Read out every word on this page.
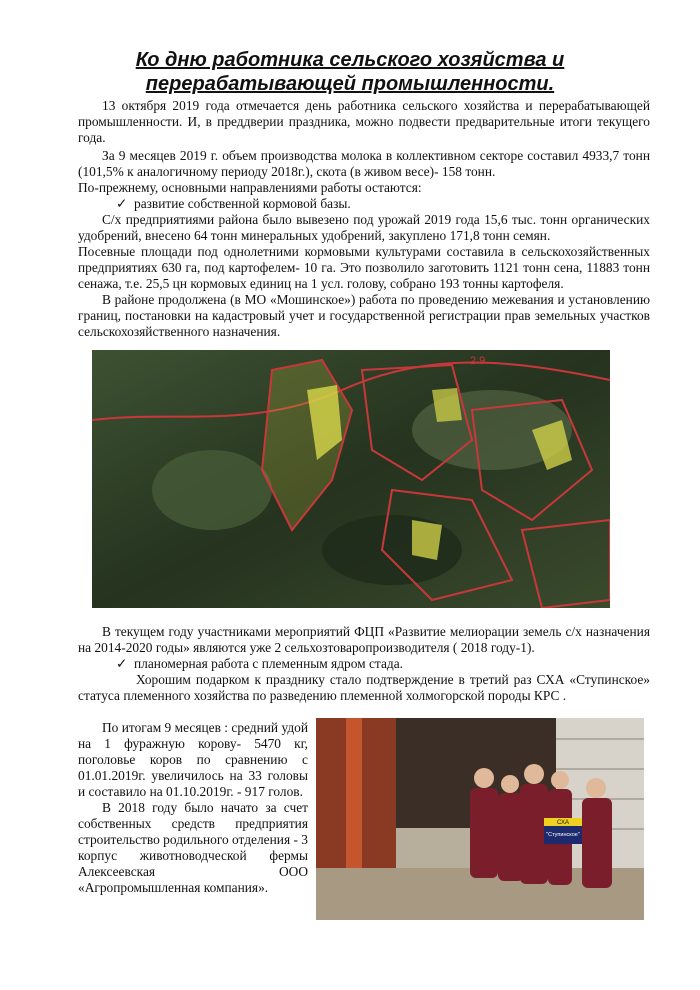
Ко дню работника сельского хозяйства и
перерабатывающей промышленности.
13 октября 2019 года отмечается день работника сельского хозяйства и перерабатывающей промышленности. И, в преддверии праздника, можно подвести предварительные итоги текущего года.
За 9 месяцев 2019 г. объем производства молока в коллективном секторе составил 4933,7 тонн (101,5% к аналогичному периоду 2018г.), скота (в живом весе)- 158 тонн.
По-прежнему, основными направлениями работы остаются:
✓ развитие собственной кормовой базы.
С/х предприятиями района было вывезено под урожай 2019 года 15,6 тыс. тонн органических удобрений, внесено 64 тонн минеральных удобрений, закуплено 171,8 тонн семян.
Посевные площади под однолетними кормовыми культурами составила в сельскохозяйственных предприятиях 630 га, под картофелем- 10 га. Это позволило заготовить 1121 тонн сена, 11883 тонн сенажа, т.е. 25,5 цн кормовых единиц на 1 усл. голову, собрано 193 тонны картофеля.
В районе продолжена (в МО «Мошинское») работа по проведению межевания и установлению границ, постановки на кадастровый учет и государственной регистрации прав земельных участков сельскохозяйственного назначения.
2.9
В текущем году участниками мероприятий ФЦП «Развитие мелиорации земель с/х назначения на 2014-2020 годы» являются уже 2 сельхозтоваропроизводителя ( 2018 году-1).
✓ планомерная работа с племенным ядром стада.
Хорошим подарком к празднику стало подтверждение в третий раз СХА «Ступинское» статуса племенного хозяйства по разведению племенной холмогорской породы КРС .
По итогам 9 месяцев : средний удой на 1 фуражную корову- 5470 кг, поголовье коров по сравнению с 01.01.2019г. увеличилось на 33 головы и составило на 01.10.2019г. - 917 голов.
В 2018 году было начато за счет собственных средств предприятия строительство родильного отделения - 3 корпус животноводческой фермы Алексеевская ООО «Агропромышленная компания».
СХА
"Ступинское"
